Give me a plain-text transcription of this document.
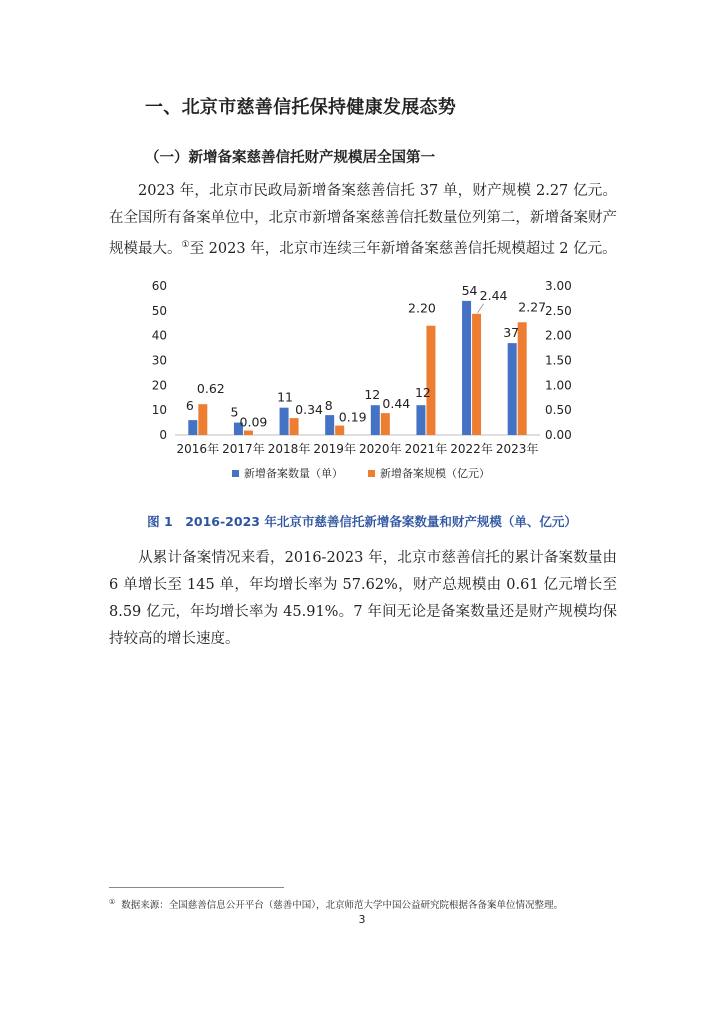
一、北京市慈善信托保持健康发展态势
（一）新增备案慈善信托财产规模居全国第一
2023 年，北京市民政局新增备案慈善信托 37 单，财产规模 2.27 亿元。在全国所有备案单位中，北京市新增备案慈善信托数量位列第二，新增备案财产规模最大。①至 2023 年，北京市连续三年新增备案慈善信托规模超过 2 亿元。
0
10
20
30
40
50
60
0.00
0.50
1.00
1.50
2.00
2.50
3.00
2016年 2017年 2018年 2019年 2020年 2021年 2022年 2023年
6
0.62
5
0.09
11
0.34 8
0.19
12
0.44
12
2.20
54 2.44
37
2.27
新增备案数量（单）	新增备案规模（亿元）
图 1　2016-2023 年北京市慈善信托新增备案数量和财产规模（单、亿元）
从累计备案情况来看，2016-2023 年，北京市慈善信托的累计备案数量由 6 单增长至 145 单，年均增长率为 57.62%，财产总规模由 0.61 亿元增长至 8.59 亿元，年均增长率为 45.91%。7 年间无论是备案数量还是财产规模均保持较高的增长速度。
① 数据来源：全国慈善信息公开平台（慈善中国），北京师范大学中国公益研究院根据各备案单位情况整理。
3
